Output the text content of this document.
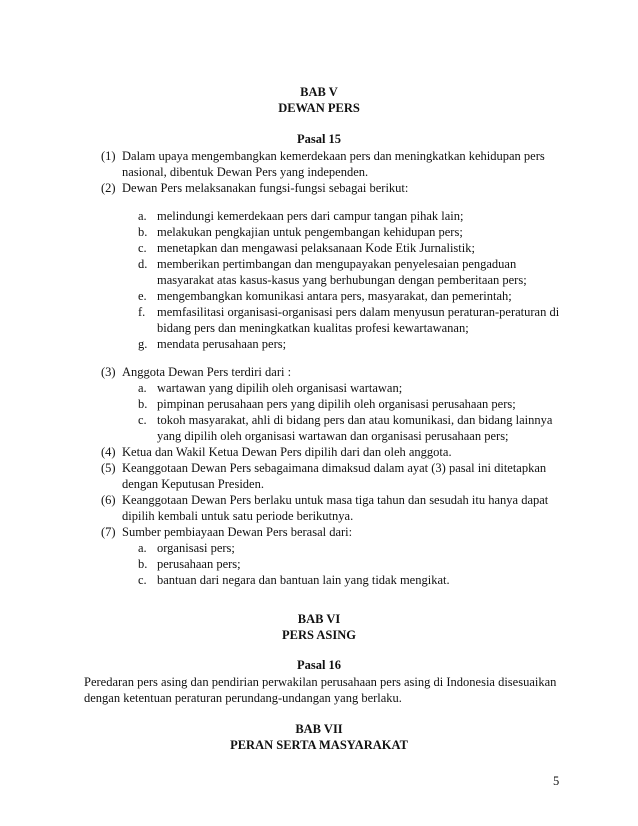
BAB V

DEWAN PERS

Pasal 15

(1) Dalam upaya mengembangkan kemerdekaan pers dan meningkatkan kehidupan pers
nasional, dibentuk Dewan Pers yang independen.
(2) Dewan Pers melaksanakan fungsi-fungsi sebagai berikut:
a. melindungi kemerdekaan pers dari campur tangan pihak lain;
b. melakukan pengkajian untuk pengembangan kehidupan pers;
c. menetapkan dan mengawasi pelaksanaan Kode Etik Jurnalistik;
d. memberikan pertimbangan dan mengupayakan penyelesaian pengaduan
masyarakat atas kasus-kasus yang berhubungan dengan pemberitaan pers;
e. mengembangkan komunikasi antara pers, masyarakat, dan pemerintah;
f. memfasilitasi organisasi-organisasi pers dalam menyusun peraturan-peraturan di
bidang pers dan meningkatkan kualitas profesi kewartawanan;
g. mendata perusahaan pers;
(3) Anggota Dewan Pers terdiri dari :
a. wartawan yang dipilih oleh organisasi wartawan;
b. pimpinan perusahaan pers yang dipilih oleh organisasi perusahaan pers;
c. tokoh masyarakat, ahli di bidang pers dan atau komunikasi, dan bidang lainnya
yang dipilih oleh organisasi wartawan dan organisasi perusahaan pers;
(4) Ketua dan Wakil Ketua Dewan Pers dipilih dari dan oleh anggota.
(5) Keanggotaan Dewan Pers sebagaimana dimaksud dalam ayat (3) pasal ini ditetapkan
dengan Keputusan Presiden.
(6) Keanggotaan Dewan Pers berlaku untuk masa tiga tahun dan sesudah itu hanya dapat
dipilih kembali untuk satu periode berikutnya.
(7) Sumber pembiayaan Dewan Pers berasal dari:
a. organisasi pers;
b. perusahaan pers;
c. bantuan dari negara dan bantuan lain yang tidak mengikat.

BAB VI

PERS ASING

Pasal 16

Peredaran pers asing dan pendirian perwakilan perusahaan pers asing di Indonesia disesuaikan
dengan ketentuan peraturan perundang-undangan yang berlaku.

BAB VII

PERAN SERTA MASYARAKAT

5
